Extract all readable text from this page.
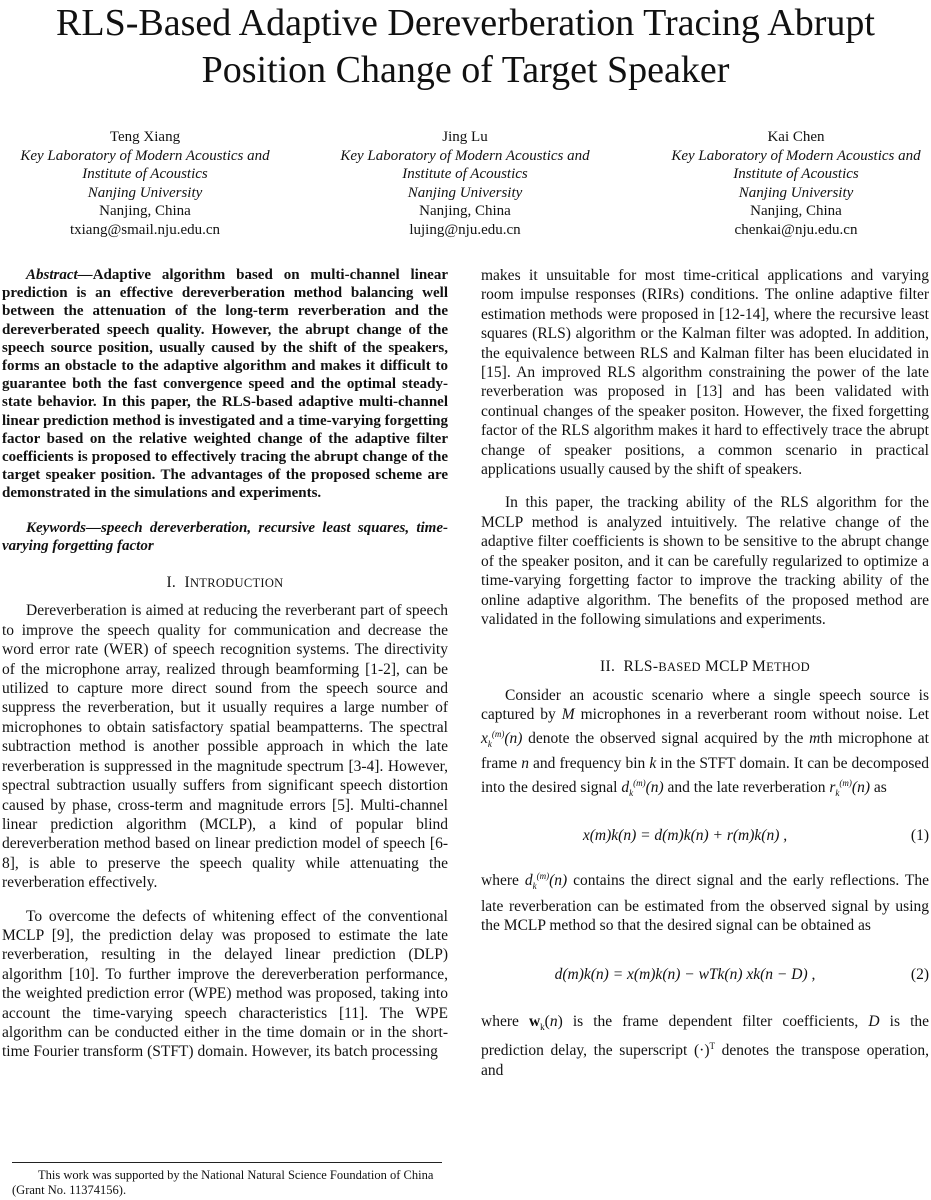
RLS-Based Adaptive Dereverberation Tracing Abrupt
Position Change of Target Speaker
Teng Xiang
Key Laboratory of Modern Acoustics and
Institute of Acoustics
Nanjing University
Nanjing, China
txiang@smail.nju.edu.cn
Jing Lu
Key Laboratory of Modern Acoustics and
Institute of Acoustics
Nanjing University
Nanjing, China
lujing@nju.edu.cn
Kai Chen
Key Laboratory of Modern Acoustics and
Institute of Acoustics
Nanjing University
Nanjing, China
chenkai@nju.edu.cn

Abstract—Adaptive algorithm based on multi-channel linear prediction is an effective dereverberation method balancing well between the attenuation of the long-term reverberation and the dereverberated speech quality. However, the abrupt change of the speech source position, usually caused by the shift of the speakers, forms an obstacle to the adaptive algorithm and makes it difficult to guarantee both the fast convergence speed and the optimal steady-state behavior. In this paper, the RLS-based adaptive multi-channel linear prediction method is investigated and a time-varying forgetting factor based on the relative weighted change of the adaptive filter coefficients is proposed to effectively tracing the abrupt change of the target speaker position. The advantages of the proposed scheme are demonstrated in the simulations and experiments.

Keywords—speech dereverberation, recursive least squares, time-varying forgetting factor

I. INTRODUCTION

Dereverberation is aimed at reducing the reverberant part of speech to improve the speech quality for communication and decrease the word error rate (WER) of speech recognition systems. The directivity of the microphone array, realized through beamforming [1-2], can be utilized to capture more direct sound from the speech source and suppress the reverberation, but it usually requires a large number of microphones to obtain satisfactory spatial beampatterns. The spectral subtraction method is another possible approach in which the late reverberation is suppressed in the magnitude spectrum [3-4]. However, spectral subtraction usually suffers from significant speech distortion caused by phase, cross-term and magnitude errors [5]. Multi-channel linear prediction algorithm (MCLP), a kind of popular blind dereverberation method based on linear prediction model of speech [6-8], is able to preserve the speech quality while attenuating the reverberation effectively.

To overcome the defects of whitening effect of the conventional MCLP [9], the prediction delay was proposed to estimate the late reverberation, resulting in the delayed linear prediction (DLP) algorithm [10]. To further improve the dereverberation performance, the weighted prediction error (WPE) method was proposed, taking into account the time-varying speech characteristics [11]. The WPE algorithm can be conducted either in the time domain or in the short-time Fourier transform (STFT) domain. However, its batch processing

makes it unsuitable for most time-critical applications and varying room impulse responses (RIRs) conditions. The online adaptive filter estimation methods were proposed in [12-14], where the recursive least squares (RLS) algorithm or the Kalman filter was adopted. In addition, the equivalence between RLS and Kalman filter has been elucidated in [15]. An improved RLS algorithm constraining the power of the late reverberation was proposed in [13] and has been validated with continual changes of the speaker positon. However, the fixed forgetting factor of the RLS algorithm makes it hard to effectively trace the abrupt change of speaker positions, a common scenario in practical applications usually caused by the shift of speakers.

In this paper, the tracking ability of the RLS algorithm for the MCLP method is analyzed intuitively. The relative change of the adaptive filter coefficients is shown to be sensitive to the abrupt change of the speaker positon, and it can be carefully regularized to optimize a time-varying forgetting factor to improve the tracking ability of the online adaptive algorithm. The benefits of the proposed method are validated in the following simulations and experiments.

II. RLS-BASED MCLP METHOD

Consider an acoustic scenario where a single speech source is captured by M microphones in a reverberant room without noise. Let $x_k^{(m)}(n)$ denote the observed signal acquired by the mth microphone at frame n and frequency bin k in the STFT domain. It can be decomposed into the desired signal $d_k^{(m)}(n)$ and the late reverberation $r_k^{(m)}(n)$ as

x(m)k(n) = d(m)k(n) + r(m)k(n) ,	(1)

where $d_k^{(m)}(n)$ contains the direct signal and the early reflections. The late reverberation can be estimated from the observed signal by using the MCLP method so that the desired signal can be obtained as

d(m)k(n) = x(m)k(n) − wTk(n) xk(n − D) ,	(2)

where $w_k(n)$ is the frame dependent filter coefficients, D is the prediction delay, the superscript $(\cdot)^T$ denotes the transpose operation, and

This work was supported by the National Natural Science Foundation of China (Grant No. 11374156).
